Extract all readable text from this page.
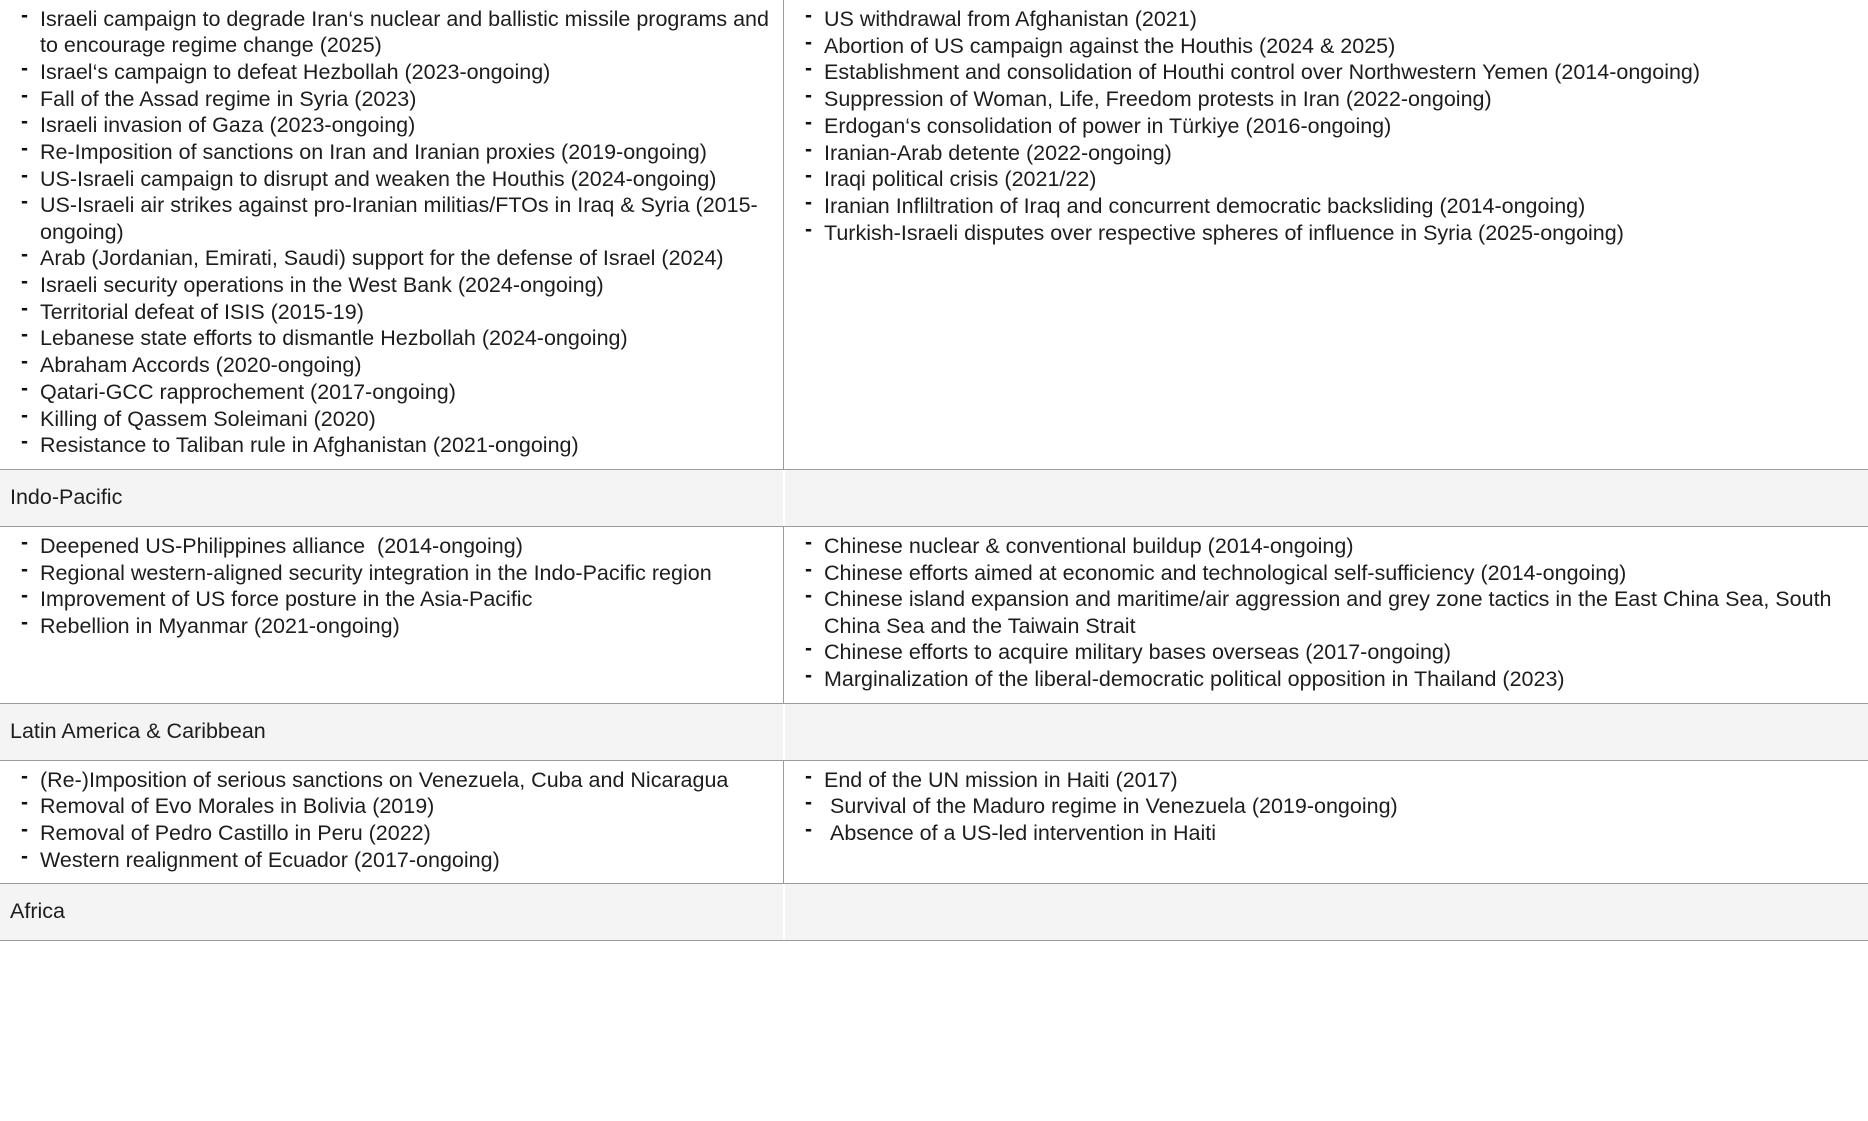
- Israeli campaign to degrade Iran‘s nuclear and ballistic missile programs and to encourage regime change (2025)
- Israel‘s campaign to defeat Hezbollah (2023-ongoing)
- Fall of the Assad regime in Syria (2023)
- Israeli invasion of Gaza (2023-ongoing)
- Re-Imposition of sanctions on Iran and Iranian proxies (2019-ongoing)
- US-Israeli campaign to disrupt and weaken the Houthis (2024-ongoing)
- US-Israeli air strikes against pro-Iranian militias/FTOs in Iraq & Syria (2015-ongoing)
- Arab (Jordanian, Emirati, Saudi) support for the defense of Israel (2024)
- Israeli security operations in the West Bank (2024-ongoing)
- Territorial defeat of ISIS (2015-19)
- Lebanese state efforts to dismantle Hezbollah (2024-ongoing)
- Abraham Accords (2020-ongoing)
- Qatari-GCC rapprochement (2017-ongoing)
- Killing of Qassem Soleimani (2020)
- Resistance to Taliban rule in Afghanistan (2021-ongoing)
- US withdrawal from Afghanistan (2021)
- Abortion of US campaign against the Houthis (2024 & 2025)
- Establishment and consolidation of Houthi control over Northwestern Yemen (2014-ongoing)
- Suppression of Woman, Life, Freedom protests in Iran (2022-ongoing)
- Erdogan‘s consolidation of power in Türkiye (2016-ongoing)
- Iranian-Arab detente (2022-ongoing)
- Iraqi political crisis (2021/22)
- Iranian Infliltration of Iraq and concurrent democratic backsliding (2014-ongoing)
- Turkish-Israeli disputes over respective spheres of influence in Syria (2025-ongoing)
Indo-Pacific

- Deepened US-Philippines alliance  (2014-ongoing)
- Regional western-aligned security integration in the Indo-Pacific region
- Improvement of US force posture in the Asia-Pacific
- Rebellion in Myanmar (2021-ongoing)
- Chinese nuclear & conventional buildup (2014-ongoing)
- Chinese efforts aimed at economic and technological self-sufficiency (2014-ongoing)
- Chinese island expansion and maritime/air aggression and grey zone tactics in the East China Sea, South China Sea and the Taiwain Strait
- Chinese efforts to acquire military bases overseas (2017-ongoing)
- Marginalization of the liberal-democratic political opposition in Thailand (2023)
Latin America & Caribbean

- (Re-)Imposition of serious sanctions on Venezuela, Cuba and Nicaragua
- Removal of Evo Morales in Bolivia (2019)
- Removal of Pedro Castillo in Peru (2022)
- Western realignment of Ecuador (2017-ongoing)
- End of the UN mission in Haiti (2017)
- Survival of the Maduro regime in Venezuela (2019-ongoing)
- Absence of a US-led intervention in Haiti
Africa
